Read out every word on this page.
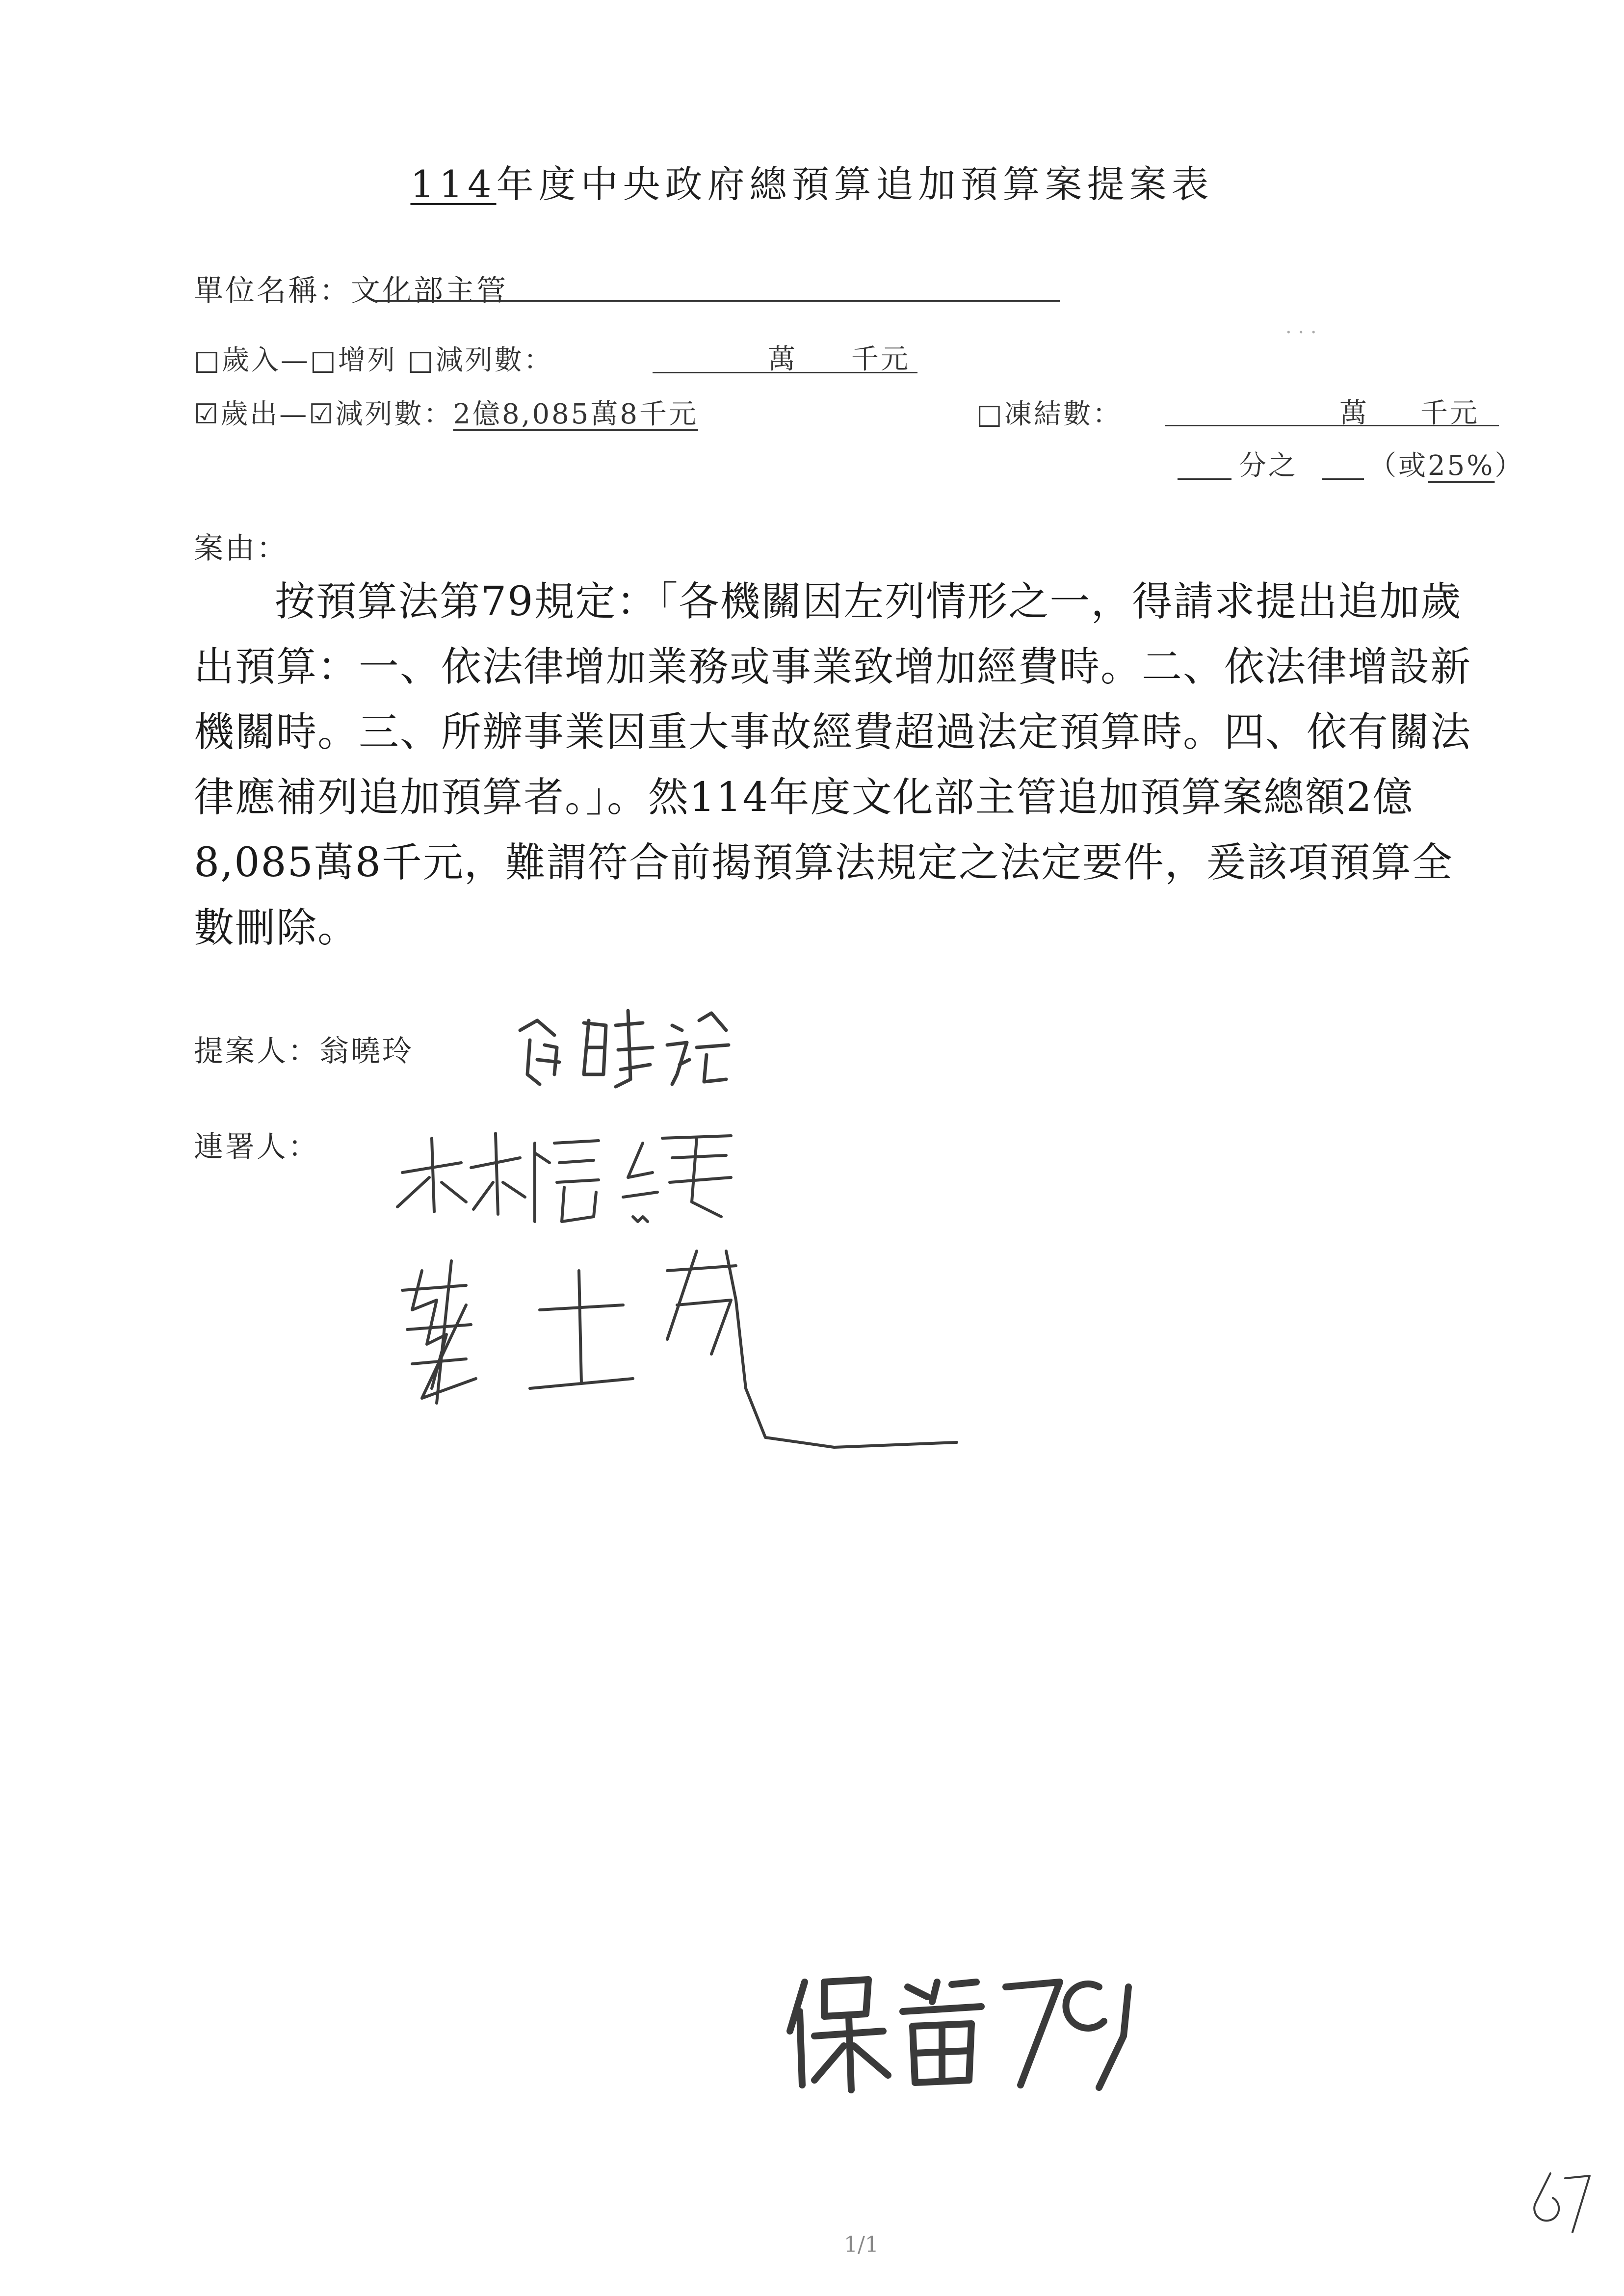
114年度中央政府總預算追加預算案提案表
單位名稱：文化部主管
□歲入—□增列 □減列數：	萬 千元
☑歲出—☑減列數：2億8,085萬8千元	□凍結數：	萬 千元
分之	（或25%）
· · ·
案由：
按預算法第79規定：「各機關因左列情形之一，得請求提出追加歲
出預算：一、依法律增加業務或事業致增加經費時。二、依法律增設新
機關時。三、所辦事業因重大事故經費超過法定預算時。四、依有關法
律應補列追加預算者。」。然114年度文化部主管追加預算案總額2億
8,085萬8千元，難謂符合前揭預算法規定之法定要件，爰該項預算全
數刪除。
提案人：翁曉玲
連署人：
1/1
